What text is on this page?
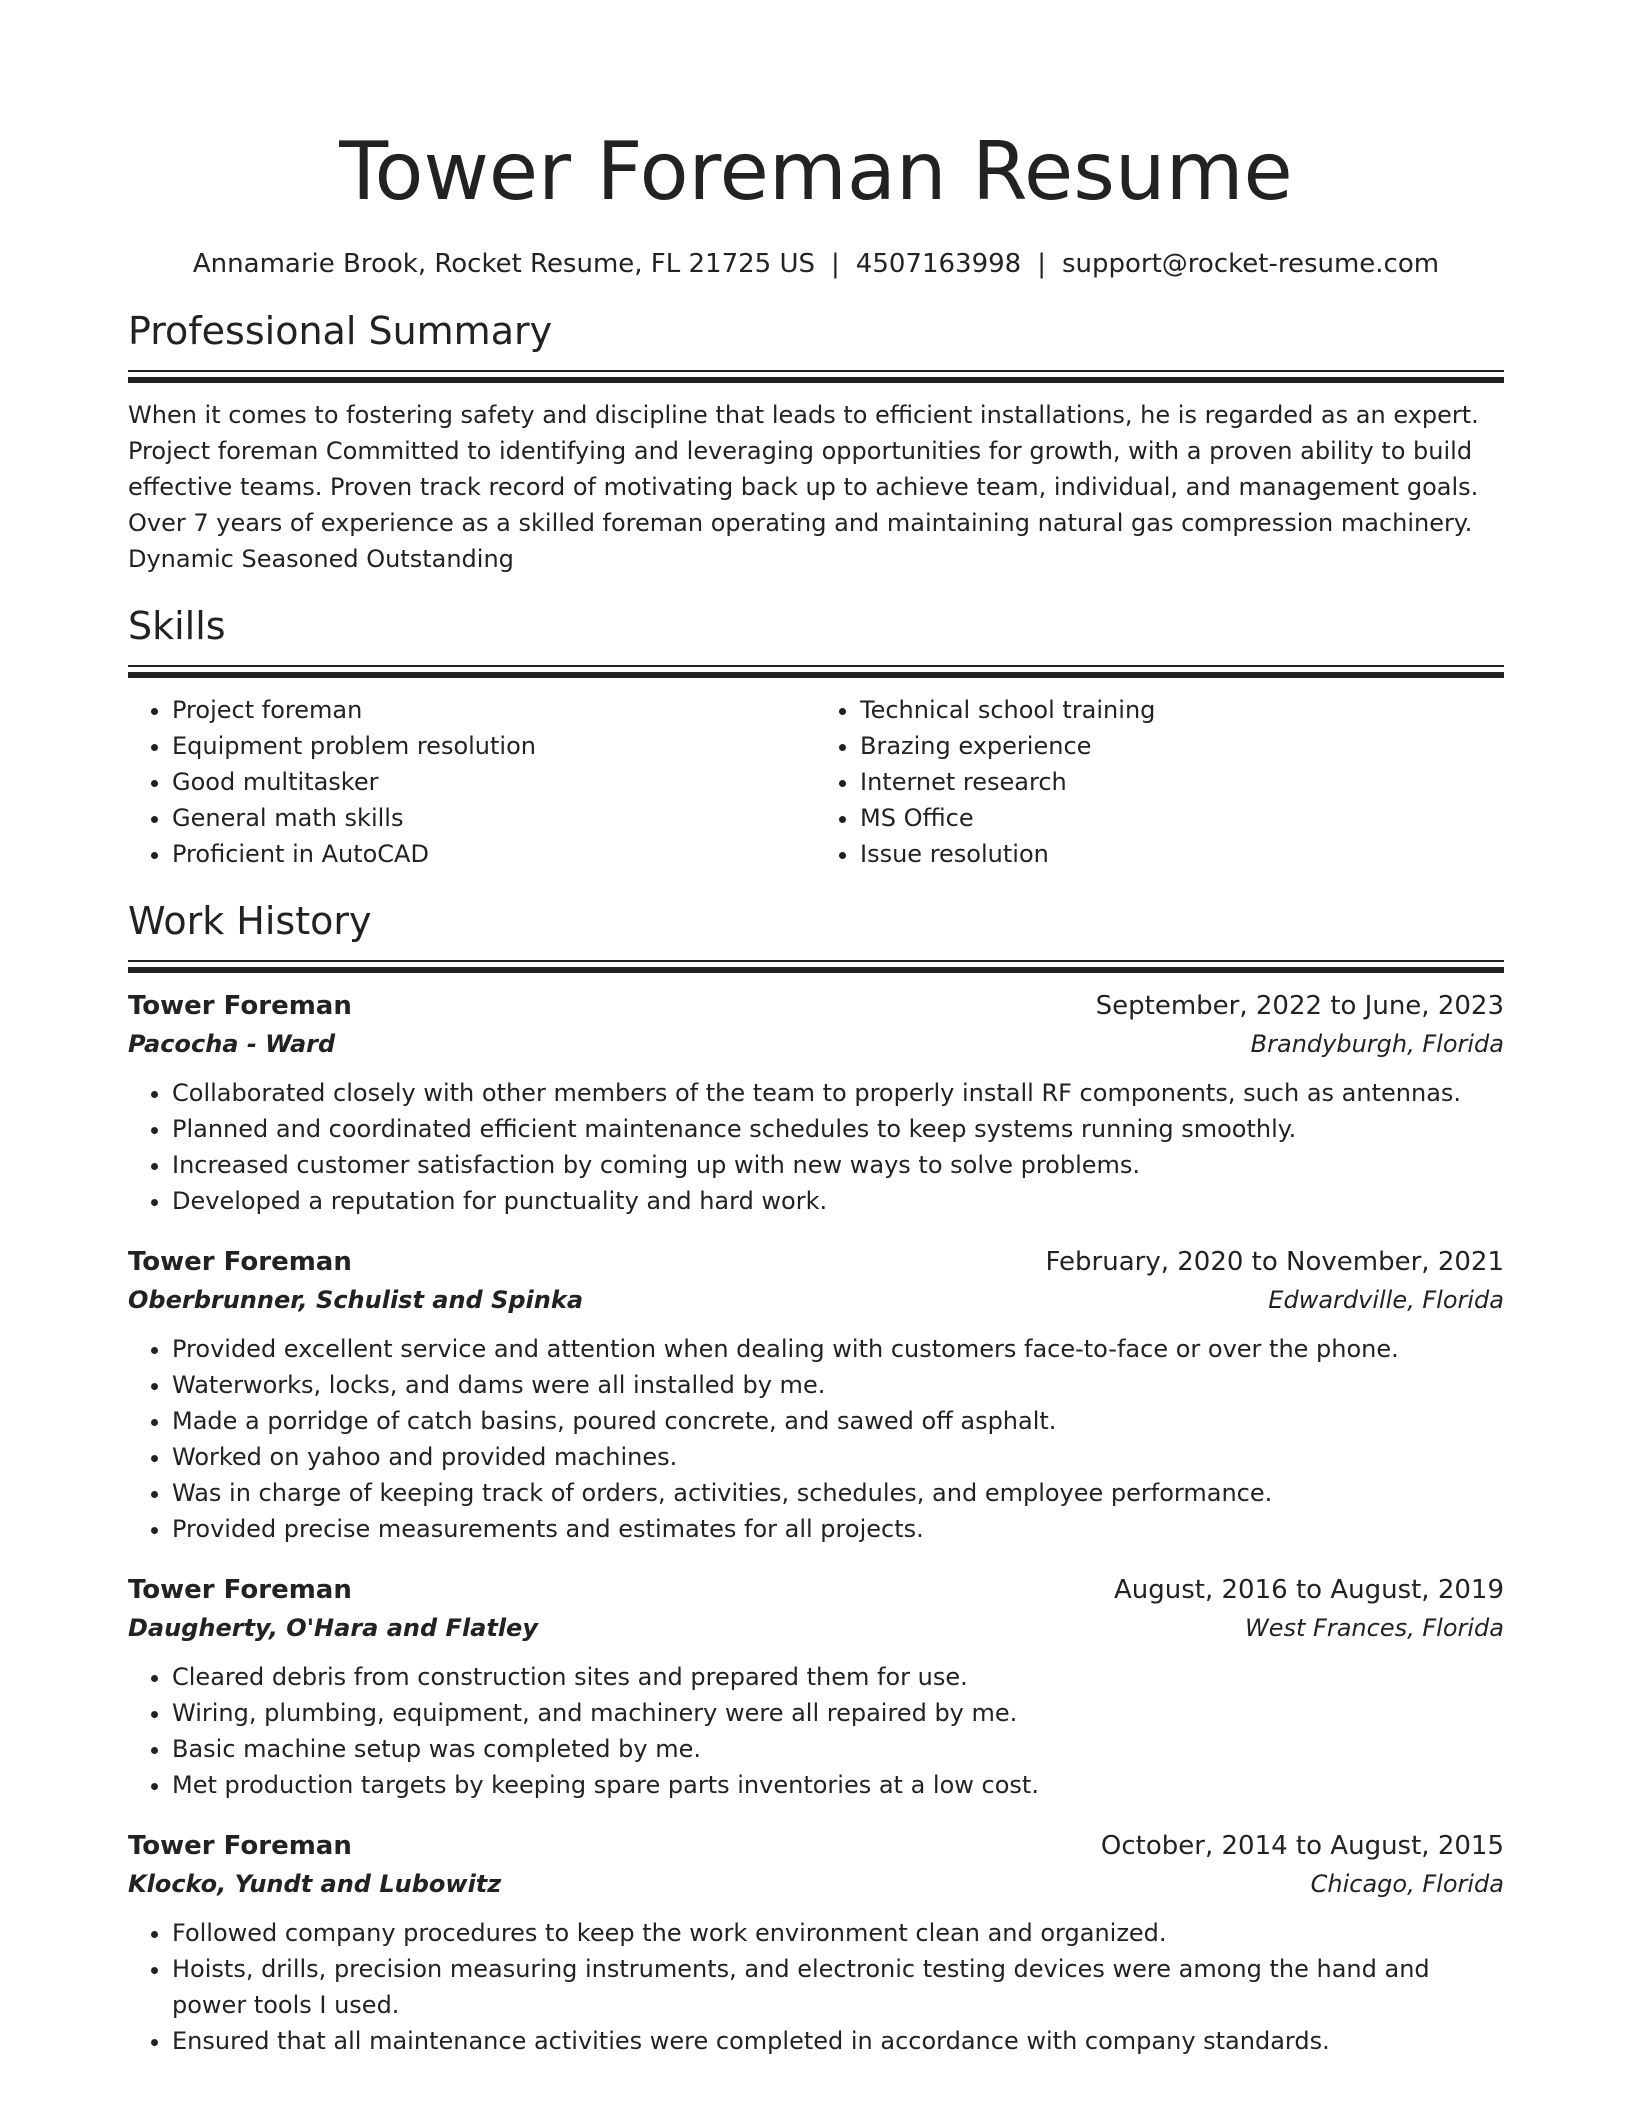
Tower Foreman Resume
Annamarie Brook, Rocket Resume, FL 21725 US | 4507163998 | support@rocket-resume.com
Professional Summary

When it comes to fostering safety and discipline that leads to efficient installations, he is regarded as an expert. Project foreman Committed to identifying and leveraging opportunities for growth, with a proven ability to build effective teams. Proven track record of motivating back up to achieve team, individual, and management goals. Over 7 years of experience as a skilled foreman operating and maintaining natural gas compression machinery. Dynamic Seasoned Outstanding

Skills
• Project foreman
• Equipment problem resolution
• Good multitasker
• General math skills
• Proficient in AutoCAD
• Technical school training
• Brazing experience
• Internet research
• MS Office
• Issue resolution
Work History
Tower Foreman	September, 2022 to June, 2023
Pacocha - Ward	Brandyburgh, Florida
• Collaborated closely with other members of the team to properly install RF components, such as antennas.
• Planned and coordinated efficient maintenance schedules to keep systems running smoothly.
• Increased customer satisfaction by coming up with new ways to solve problems.
• Developed a reputation for punctuality and hard work.
Tower Foreman	February, 2020 to November, 2021
Oberbrunner, Schulist and Spinka	Edwardville, Florida
• Provided excellent service and attention when dealing with customers face-to-face or over the phone.
• Waterworks, locks, and dams were all installed by me.
• Made a porridge of catch basins, poured concrete, and sawed off asphalt.
• Worked on yahoo and provided machines.
• Was in charge of keeping track of orders, activities, schedules, and employee performance.
• Provided precise measurements and estimates for all projects.
Tower Foreman	August, 2016 to August, 2019
Daugherty, O'Hara and Flatley	West Frances, Florida
• Cleared debris from construction sites and prepared them for use.
• Wiring, plumbing, equipment, and machinery were all repaired by me.
• Basic machine setup was completed by me.
• Met production targets by keeping spare parts inventories at a low cost.
Tower Foreman	October, 2014 to August, 2015
Klocko, Yundt and Lubowitz	Chicago, Florida
• Followed company procedures to keep the work environment clean and organized.
• Hoists, drills, precision measuring instruments, and electronic testing devices were among the hand and power tools I used.
• Ensured that all maintenance activities were completed in accordance with company standards.
